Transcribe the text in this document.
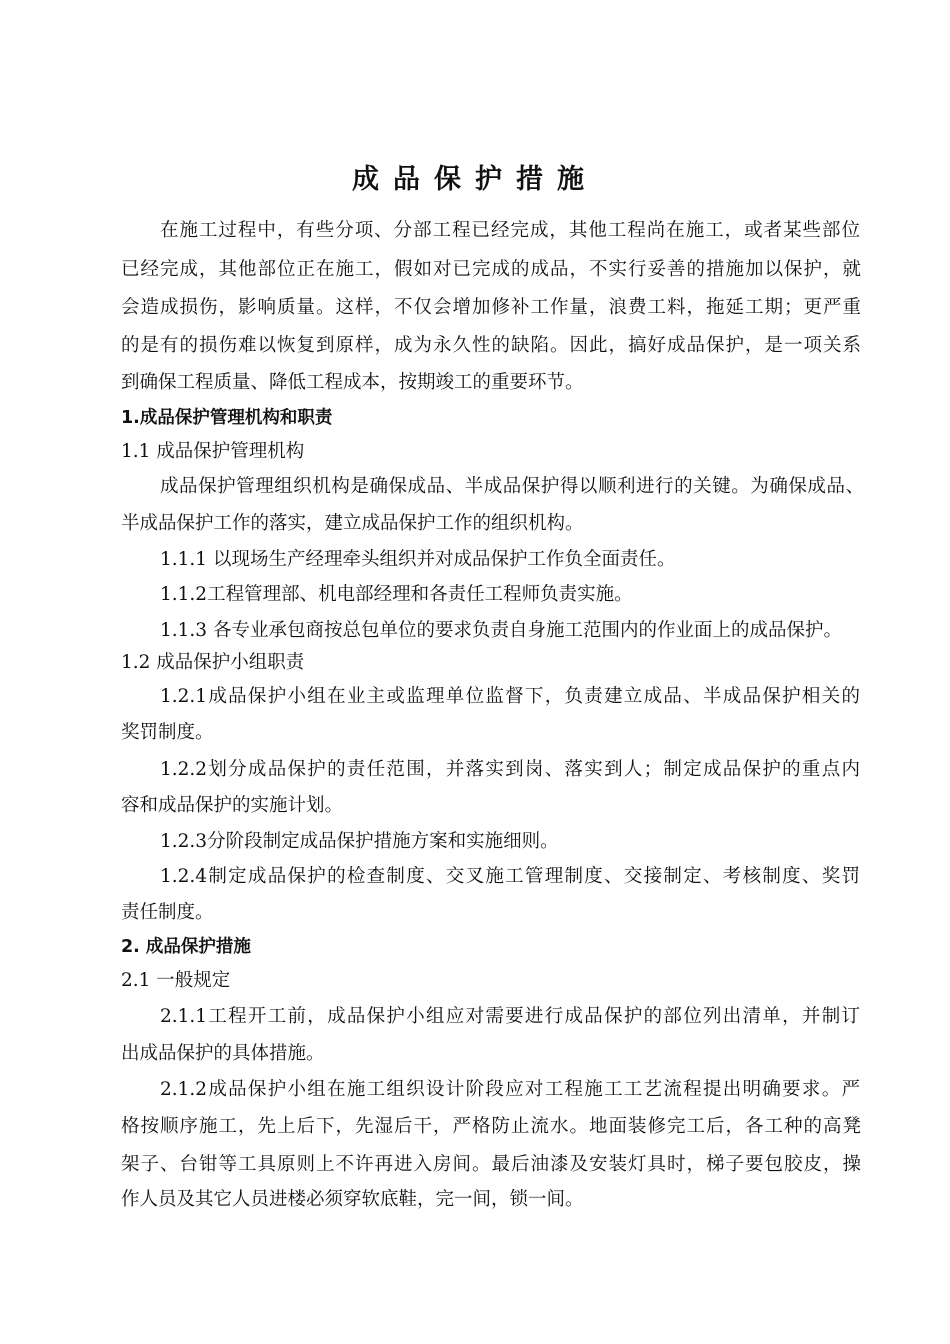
成品保护措施
在施工过程中，有些分项、分部工程已经完成，其他工程尚在施工，或者某些部位
已经完成，其他部位正在施工，假如对已完成的成品，不实行妥善的措施加以保护，就
会造成损伤，影响质量。这样，不仅会增加修补工作量，浪费工料，拖延工期；更严重
的是有的损伤难以恢复到原样，成为永久性的缺陷。因此，搞好成品保护，是一项关系
到确保工程质量、降低工程成本，按期竣工的重要环节。
1.成品保护管理机构和职责
1.1 成品保护管理机构
成品保护管理组织机构是确保成品、半成品保护得以顺利进行的关键。为确保成品、
半成品保护工作的落实，建立成品保护工作的组织机构。
1.1.1 以现场生产经理牵头组织并对成品保护工作负全面责任。
1.1.2工程管理部、机电部经理和各责任工程师负责实施。
1.1.3 各专业承包商按总包单位的要求负责自身施工范围内的作业面上的成品保护。
1.2 成品保护小组职责
1.2.1成品保护小组在业主或监理单位监督下，负责建立成品、半成品保护相关的
奖罚制度。
1.2.2划分成品保护的责任范围，并落实到岗、落实到人；制定成品保护的重点内
容和成品保护的实施计划。
1.2.3分阶段制定成品保护措施方案和实施细则。
1.2.4制定成品保护的检查制度、交叉施工管理制度、交接制定、考核制度、奖罚
责任制度。
2. 成品保护措施
2.1 一般规定
2.1.1工程开工前，成品保护小组应对需要进行成品保护的部位列出清单，并制订
出成品保护的具体措施。
2.1.2成品保护小组在施工组织设计阶段应对工程施工工艺流程提出明确要求。严
格按顺序施工，先上后下，先湿后干，严格防止流水。地面装修完工后，各工种的高凳
架子、台钳等工具原则上不许再进入房间。最后油漆及安装灯具时，梯子要包胶皮，操
作人员及其它人员进楼必须穿软底鞋，完一间，锁一间。
